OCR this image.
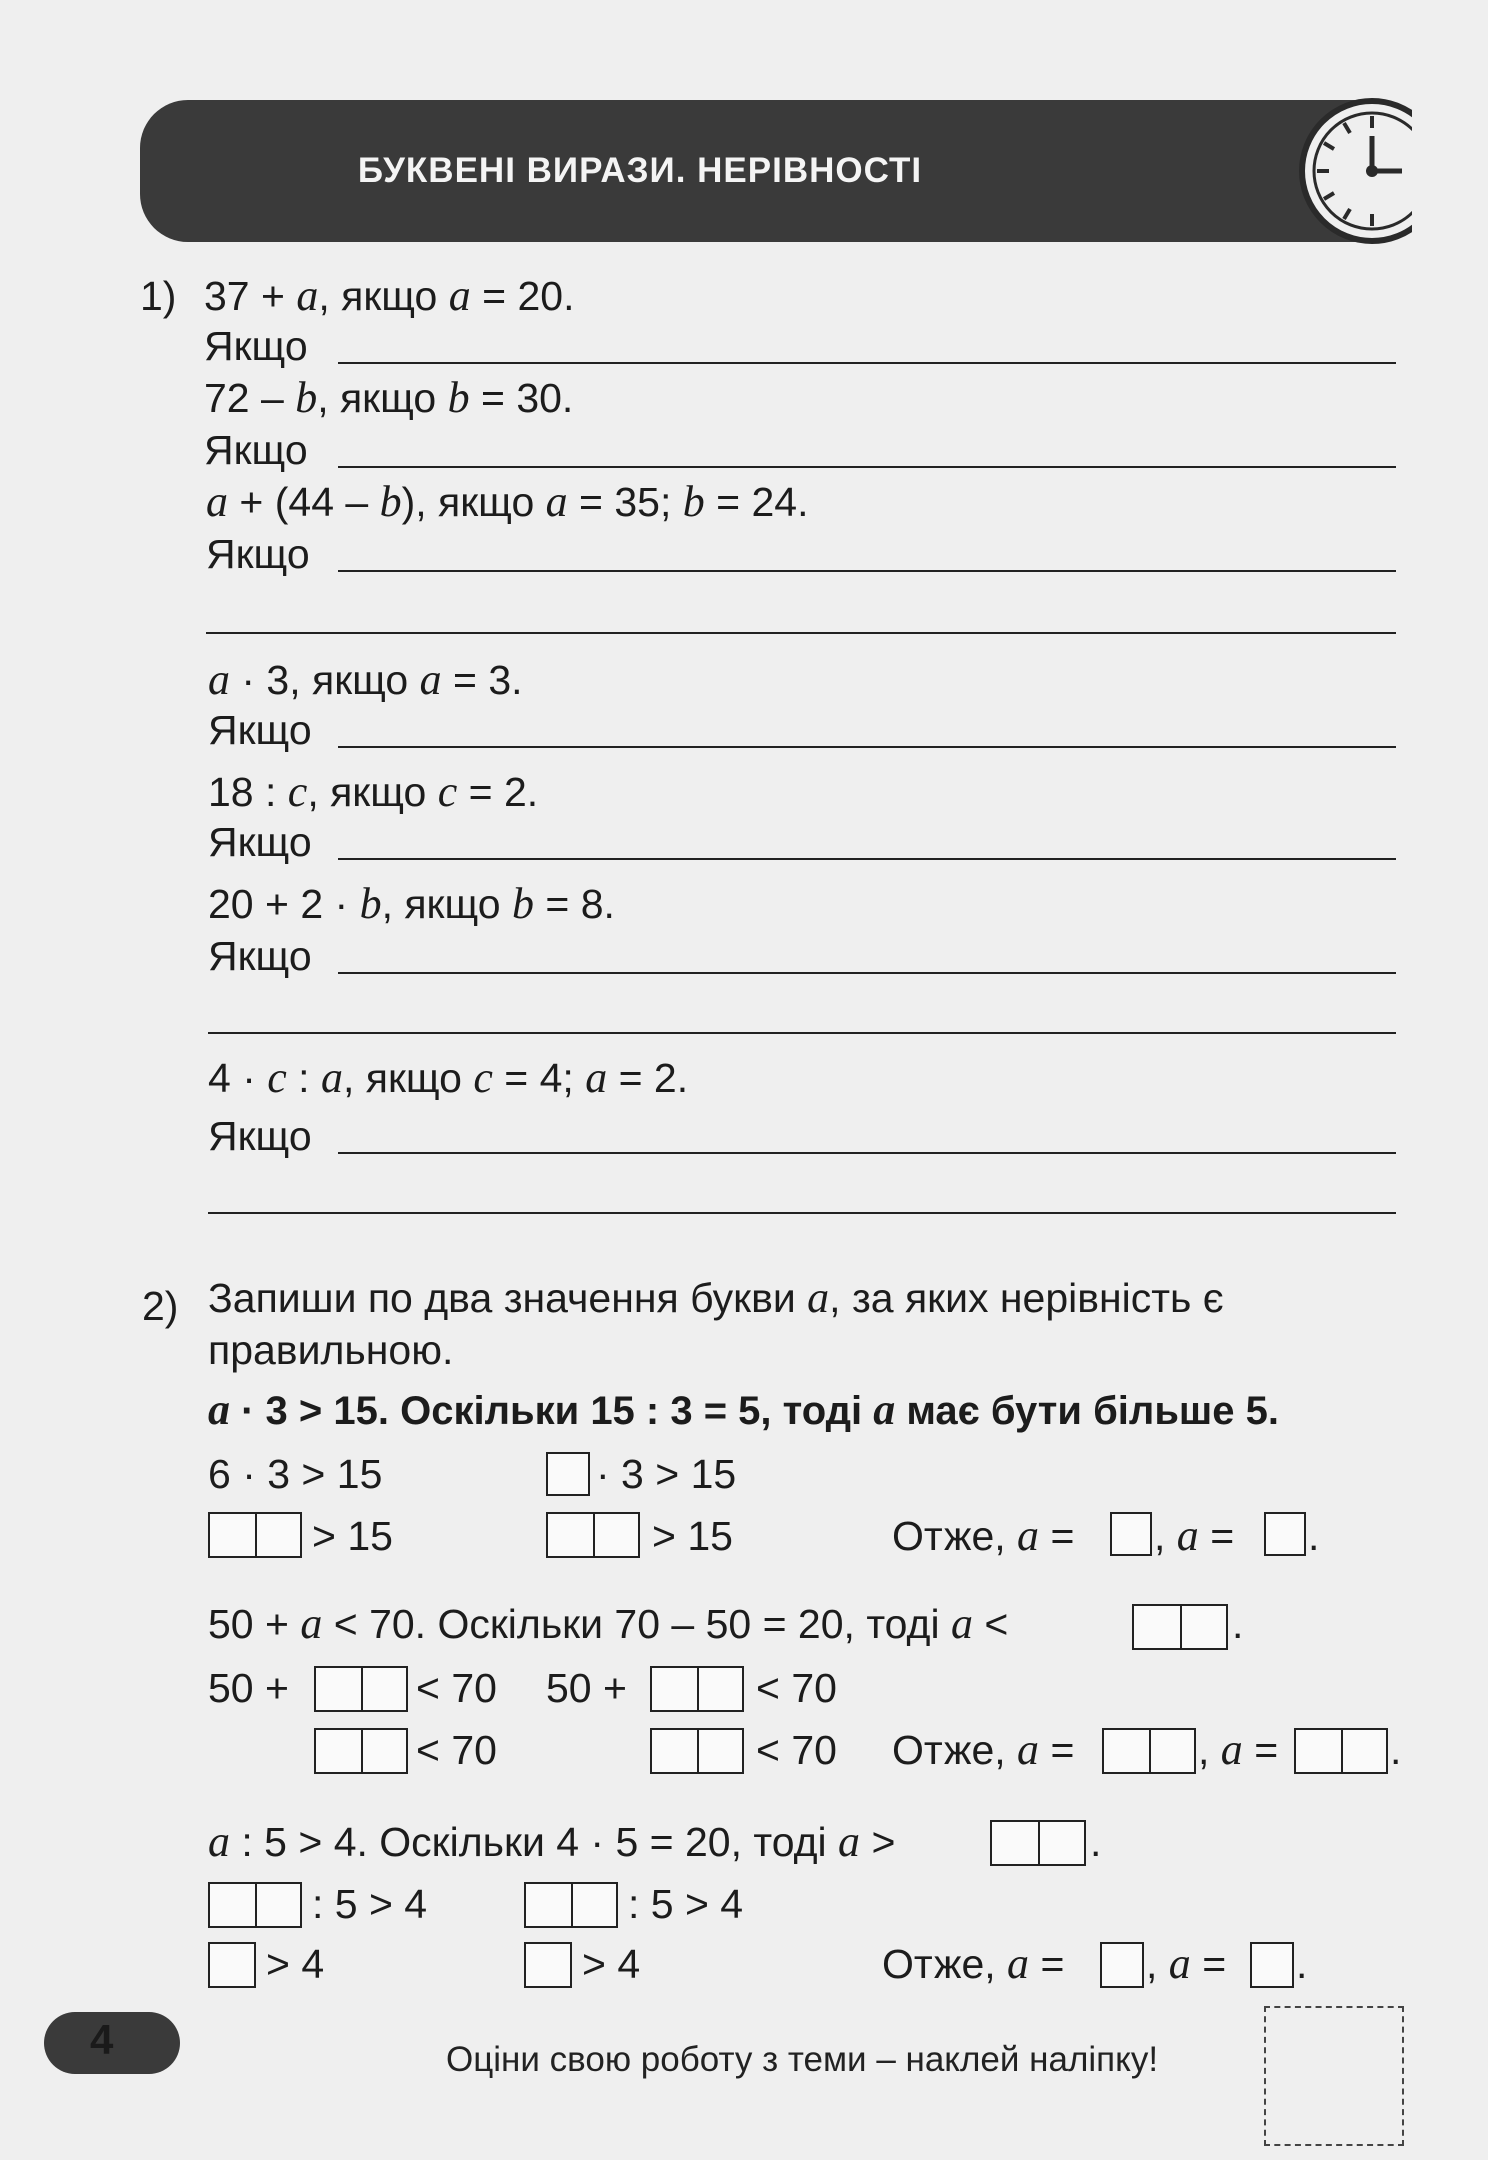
БУКВЕНІ ВИРАЗИ. НЕРІВНОСТІ
1) 37 + a, якщо a = 20.
Якщо
72 – b, якщо b = 30.
Якщо
a + (44 – b), якщо a = 35; b = 24.
Якщо
a · 3, якщо a = 3.
Якщо
18 : c, якщо c = 2.
Якщо
20 + 2 · b, якщо b = 8.
Якщо
4 · c : a, якщо c = 4; a = 2.
Якщо
2) Запиши по два значення букви a, за яких нерівність є
правильною.
a · 3 > 15. Оскільки 15 : 3 = 5, тоді a має бути більше 5.
6 · 3 > 15	· 3 > 15
> 15	> 15	Отже, a = , a = .
50 + a < 70. Оскільки 70 – 50 = 20, тоді a <	.
50 +	< 70 50 +	< 70
< 70	< 70 Отже, a =	, a =	.
a : 5 > 4. Оскільки 4 · 5 = 20, тоді a >	.
: 5 > 4	: 5 > 4
> 4	> 4	Отже, a = , a = .
4	Оціни свою роботу з теми – наклей наліпку!
